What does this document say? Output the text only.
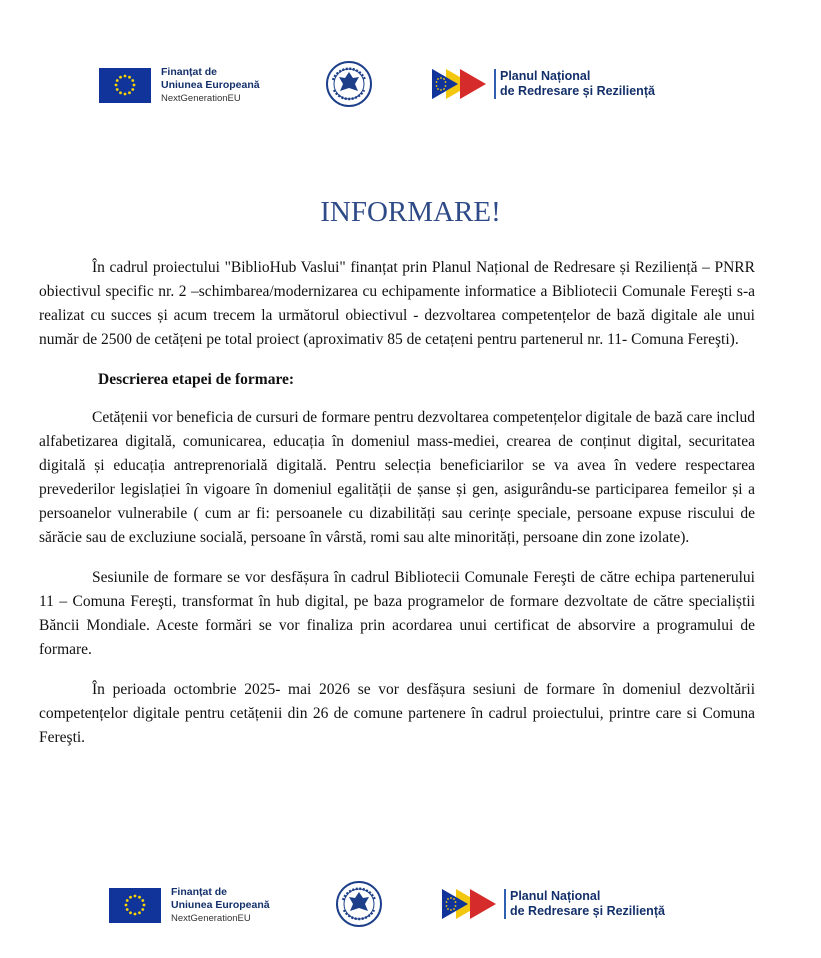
Finanțat de
Uniunea Europeană
NextGenerationEU
Planul Național
de Redresare și Reziliență
INFORMARE!

În cadrul proiectului "BiblioHub Vaslui" finanțat prin Planul Național de Redresare și Reziliență – PNRR obiectivul specific nr. 2 –schimbarea/modernizarea cu echipamente informatice a Bibliotecii Comunale Fereşti s-a realizat cu succes și acum trecem la următorul obiectivul - dezvoltarea competențelor de bază digitale ale unui număr de 2500 de cetățeni pe total proiect (aproximativ 85 de cetațeni pentru partenerul nr. 11- Comuna Fereşti).

Descrierea etapei de formare:

Cetățenii vor beneficia de cursuri de formare pentru dezvoltarea competențelor digitale de bază care includ alfabetizarea digitală, comunicarea, educația în domeniul mass-mediei, crearea de conținut digital, securitatea digitală și educația antreprenorială digitală. Pentru selecția beneficiarilor se va avea în vedere respectarea prevederilor legislației în vigoare în domeniul egalității de șanse și gen, asigurându-se participarea femeilor și a persoanelor vulnerabile ( cum ar fi: persoanele cu dizabilități sau cerințe speciale, persoane expuse riscului de sărăcie sau de excluziune socială, persoane în vârstă, romi sau alte minorități, persoane din zone izolate).

Sesiunile de formare se vor desfășura în cadrul Bibliotecii Comunale Fereşti de către echipa partenerului 11 – Comuna Fereşti, transformat în hub digital, pe baza programelor de formare dezvoltate de către specialiștii Băncii Mondiale. Aceste formări se vor finaliza prin acordarea unui certificat de absorvire a programului de formare.

În perioada octombrie 2025- mai 2026 se vor desfășura sesiuni de formare în domeniul dezvoltării competențelor digitale pentru cetățenii din 26 de comune partenere în cadrul proiectului, printre care si Comuna Fereşti.

Finanțat de
Uniunea Europeană
NextGenerationEU
Planul Național
de Redresare și Reziliență
